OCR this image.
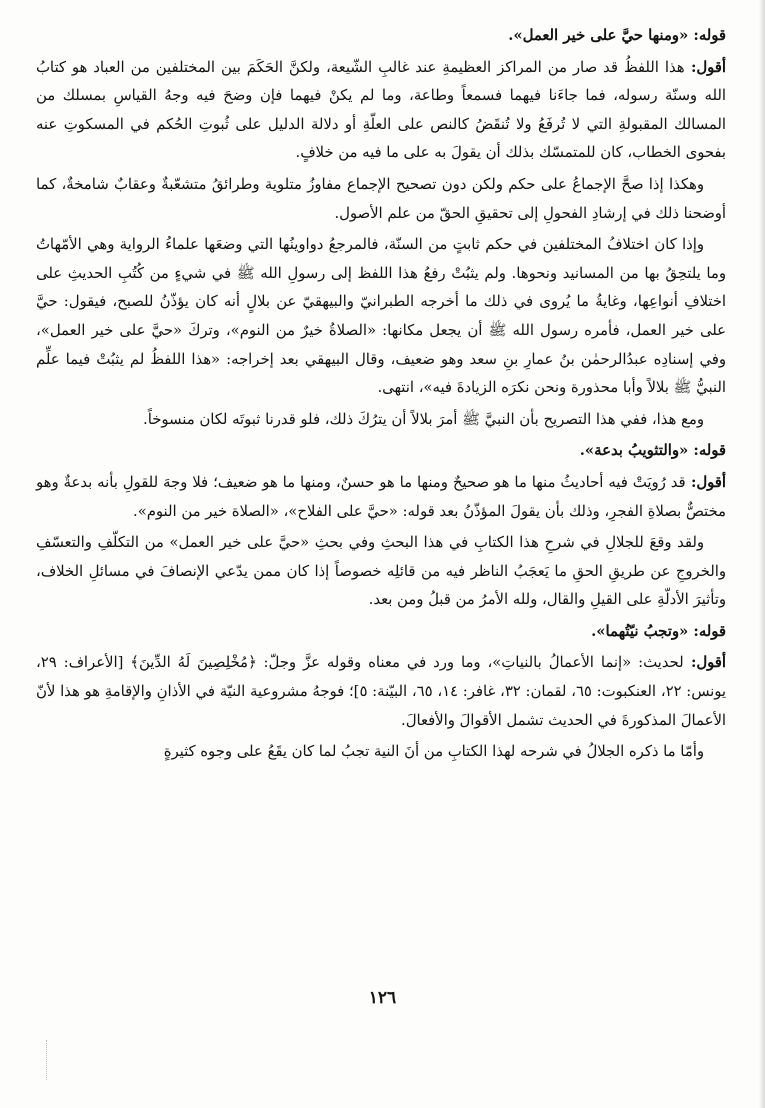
قوله: «ومنها حيَّ على خير العمل».

أقول: هذا اللفظُ قد صار من المراكز العظيمةِ عند غالبِ الشّيعة، ولكنَّ الحَكَمَ بين المختلفين من العباد هو كتابُ الله وسنّة رسوله، فما جاءَنا فيهما فسمعاً وطاعة، وما لم يكنْ فيهما فإن وضحَ فيه وجهُ القياسِ بمسلك من المسالك المقبولةِ التي لا تُرفَعُ ولا تُنقَضُ كالنص على العلّةِ أو دلالة الدليل على ثُبوتِ الحُكم في المسكوتِ عنه بفحوى الخطاب، كان للمتمسّك بذلك أن يقولَ به على ما فيه من خلافٍ.

وهكذا إذا صحَّ الإجماعُ على حكم ولكن دون تصحيح الإجماع مفاوزُ متلوية وطرائقُ متشعّبةٌ وعقابٌ شامخةٌ، كما أوضحنا ذلك في إرشادِ الفحولِ إلى تحقيقِ الحقّ من علم الأصول.

وإذا كان اختلافُ المختلفين في حكم ثابتٍ من السنّة، فالمرجعُ دواوينُها التي وضعَها علماءُ الرواية وهي الأمّهاتُ وما يلتحِقُ بها من المسانيد ونحوها. ولم يثبُتْ رفعُ هذا اللفظ إلى رسولِ الله ﷺ في شيءٍ من كُتُبِ الحديثِ على اختلافِ أنواعِها، وغايةُ ما يُروى في ذلك ما أخرجه الطبرانيّ والبيهقيّ عن بلالٍ أنه كان يؤذّنُ للصبح، فيقول: حيَّ على خير العمل، فأمره رسول الله ﷺ أن يجعل مكانها: «الصلاةُ خيرٌ من النوم»، وتركَ «حيَّ على خير العمل»، وفي إسنادِه عبدُالرحمٰن بنُ عمارِ بنِ سعد وهو ضعيف، وقال البيهقي بعد إخراجه: «هذا اللفظُ لم يثبُتْ فيما علِّم النبيُّ ﷺ بلالاً وأبا محذورة ونحن نكرَه الزيادةَ فيه»، انتهى.

ومع هذا، ففي هذا التصريح بأن النبيَّ ﷺ أمرَ بلالاً أن يترُكَ ذلك، فلو قدرنا ثبوتَه لكان منسوخاً.

قوله: «والتثويبُ بدعة».

أقول: قد رُويَتْ فيه أحاديثُ منها ما هو صحيحٌ ومنها ما هو حسنٌ، ومنها ما هو ضعيف؛ فلا وجهَ للقولِ بأنه بدعةٌ وهو مختصٌّ بصلاةِ الفجرِ، وذلك بأن يقولَ المؤذّنُ بعد قوله: «حيَّ على الفلاح»، «الصلاة خير من النوم».

ولقد وقعَ للجلالِ في شرحِ هذا الكتابِ في هذا البحثِ وفي بحثِ «حيَّ على خير العمل» من التكلّفِ والتعسّفِ والخروجِ عن طريقِ الحقِ ما يَعجَبُ الناظر فيه من قائلِه خصوصاً إذا كان ممن يدّعي الإنصافَ في مسائلِ الخلاف، وتأثيرَ الأدلّةِ على القيلِ والقال، ولله الأمرُ من قبلُ ومن بعد.

قوله: «وتجبُ نيّتُهما».

أقول: لحديث: «إنما الأعمالُ بالنياتِ»، وما ورد في معناه وقوله عزَّ وجلّ: ﴿مُخْلِصِينَ لَهُ الدِّينَ﴾ [الأعراف: ٢٩، يونس: ٢٢، العنكبوت: ٦٥، لقمان: ٣٢، غافر: ١٤، ٦٥، البيّنة: ٥]؛ فوجهُ مشروعية النيّة في الأذانِ والإقامةِ هو هذا لأنّ الأعمالَ المذكورةَ في الحديث تشمل الأقوالَ والأفعالَ.

وأمّا ما ذكره الجلالُ في شرحه لهذا الكتابِ من أنَ النية تجبُ لما كان يقَعُ على وجوه كثيرةٍ

١٢٦
